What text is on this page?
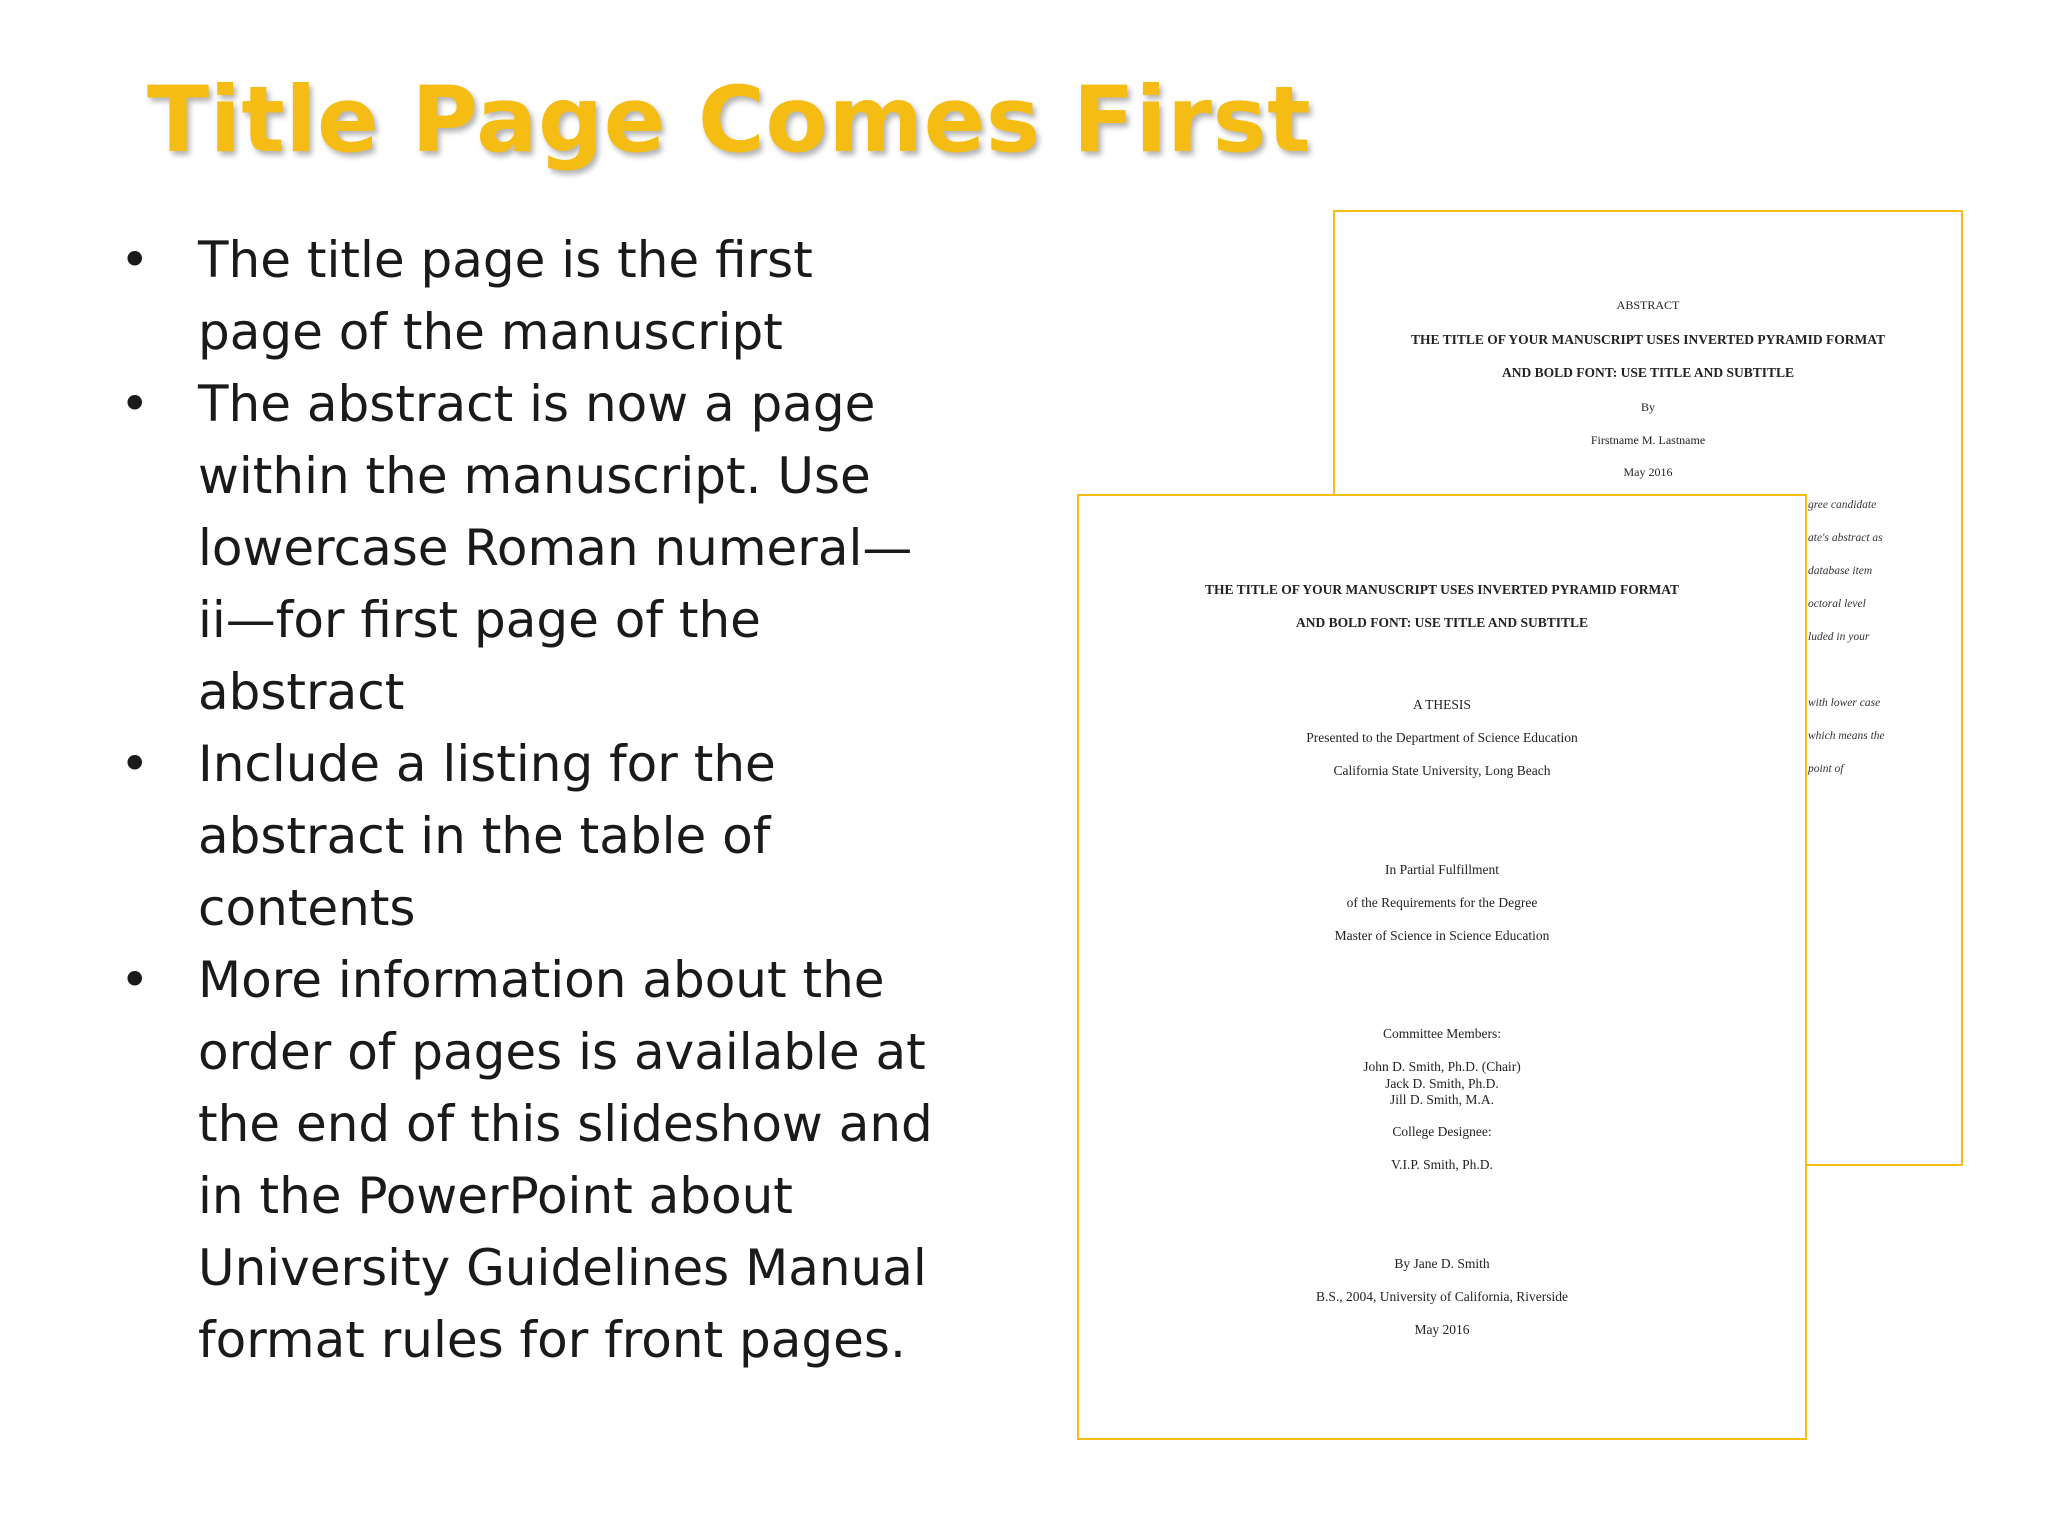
Title Page Comes First
• The title page is the first page of the manuscript
• The abstract is now a page within the manuscript. Use lowercase Roman numeral—ii—for first page of the abstract
• Include a listing for the abstract in the table of contents
• More information about the order of pages is available at the end of this slideshow and in the PowerPoint about University Guidelines Manual format rules for front pages.
ABSTRACT
THE TITLE OF YOUR MANUSCRIPT USES INVERTED PYRAMID FORMAT
AND BOLD FONT: USE TITLE AND SUBTITLE
By
Firstname M. Lastname
May 2016
gree candidate
ate's abstract as
database item
octoral level
luded in your
with lower case
which means the
point of
THE TITLE OF YOUR MANUSCRIPT USES INVERTED PYRAMID FORMAT
AND BOLD FONT: USE TITLE AND SUBTITLE
A THESIS
Presented to the Department of Science Education
California State University, Long Beach
In Partial Fulfillment
of the Requirements for the Degree
Master of Science in Science Education
Committee Members:
John D. Smith, Ph.D. (Chair)
Jack D. Smith, Ph.D.
Jill D. Smith, M.A.
College Designee:
V.I.P. Smith, Ph.D.
By Jane D. Smith
B.S., 2004, University of California, Riverside
May 2016
